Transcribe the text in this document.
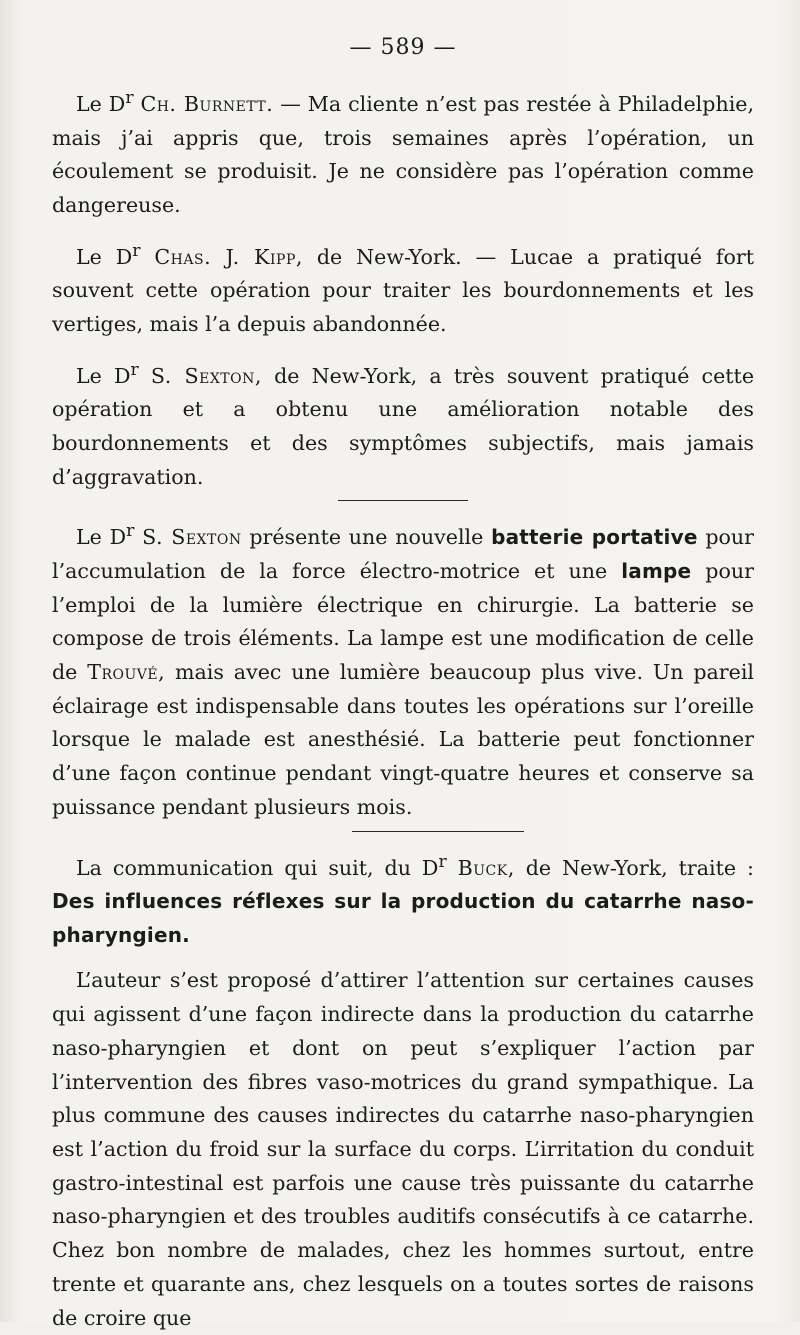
— 589 —

Le $D^r$ Ch. Burnett. — Ma cliente n’est pas restée à Philadelphie, mais j’ai appris que, trois semaines après l’opération, un écoulement se produisit. Je ne considère pas l’opération comme dangereuse.

Le $D^r$ Chas. J. Kipp, de New-York. — Lucae a pratiqué fort souvent cette opération pour traiter les bourdonnements et les vertiges, mais l’a depuis abandonnée.

Le $D^r$ S. Sexton, de New-York, a très souvent pratiqué cette opération et a obtenu une amélioration notable des bourdonnements et des symptômes subjectifs, mais jamais d’aggravation.

Le $D^r$ S. Sexton présente une nouvelle batterie portative pour l’accumulation de la force électro-motrice et une lampe pour l’emploi de la lumière électrique en chirurgie. La batterie se compose de trois éléments. La lampe est une modification de celle de Trouvé, mais avec une lumière beaucoup plus vive. Un pareil éclairage est indispensable dans toutes les opérations sur l’oreille lorsque le malade est anesthésié. La batterie peut fonctionner d’une façon continue pendant vingt-quatre heures et conserve sa puissance pendant plusieurs mois.

La communication qui suit, du $D^r$ Buck, de New-York, traite : Des influences réflexes sur la production du catarrhe naso-pharyngien.

L’auteur s’est proposé d’attirer l’attention sur certaines causes qui agissent d’une façon indirecte dans la production du catarrhe naso-pharyngien et dont on peut s’expliquer l’action par l’intervention des fibres vaso-motrices du grand sympathique. La plus commune des causes indirectes du catarrhe naso-pharyngien est l’action du froid sur la surface du corps. L’irritation du conduit gastro-intestinal est parfois une cause très puissante du catarrhe naso-pharyngien et des troubles auditifs consécutifs à ce catarrhe. Chez bon nombre de malades, chez les hommes surtout, entre trente et quarante ans, chez lesquels on a toutes sortes de raisons de croire que
